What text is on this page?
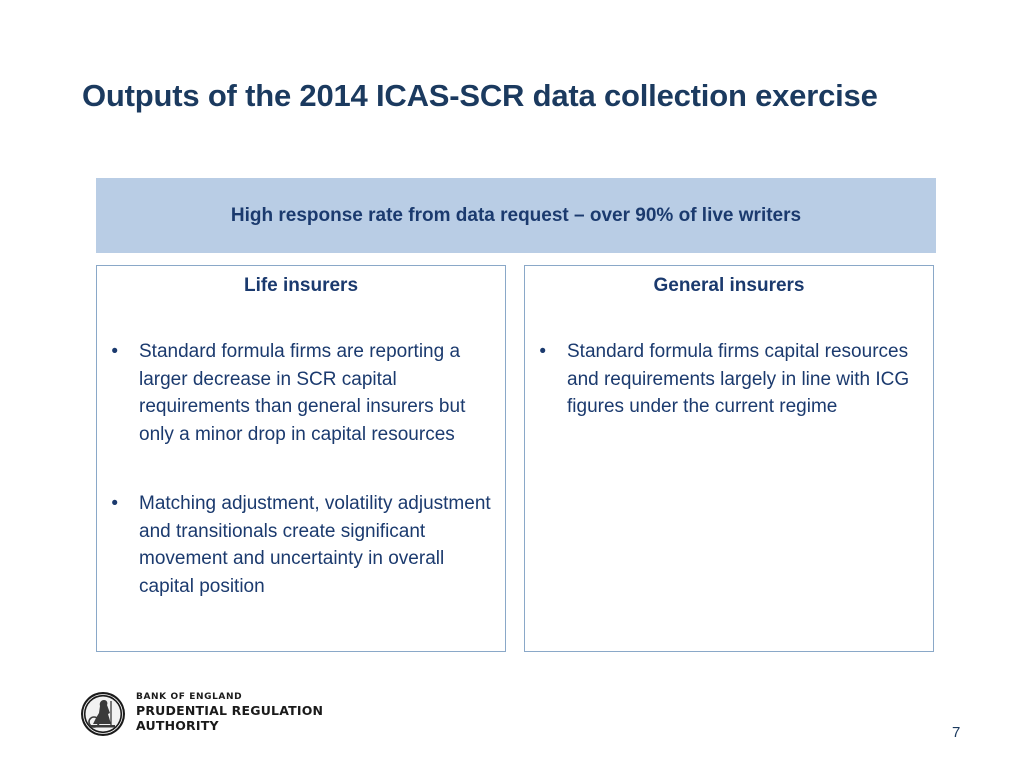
Outputs of the 2014 ICAS-SCR data collection exercise
High response rate from data request – over 90% of live writers
Life insurers
•	Standard formula firms are reporting a larger decrease in SCR capital requirements than general insurers but only a minor drop in capital resources
•	Matching adjustment, volatility adjustment and transitionals create significant movement and uncertainty in overall capital position
General insurers
•	Standard formula firms capital resources and requirements largely in line with ICG figures under the current regime
BANK OF ENGLAND
PRUDENTIAL REGULATION
AUTHORITY	7
